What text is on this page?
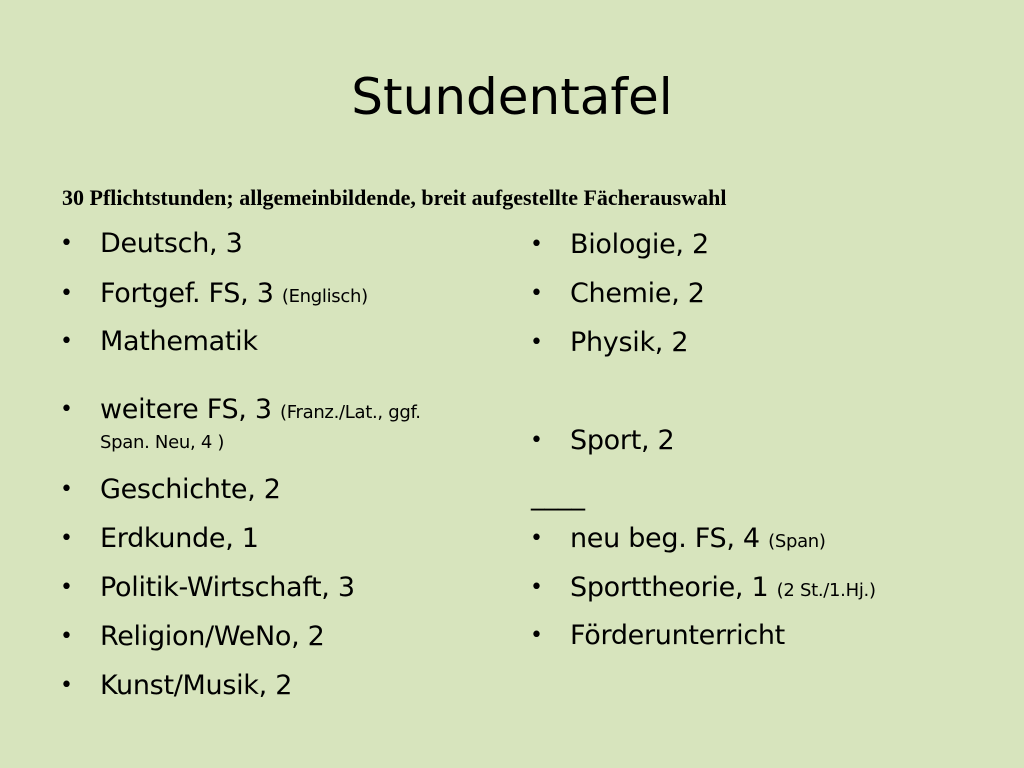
Stundentafel
30 Pflichtstunden; allgemeinbildende, breit aufgestellte Fächerauswahl
• Deutsch, 3
• Fortgef. FS, 3 (Englisch)
• Mathematik
• weitere FS, 3 (Franz./Lat., ggf.
Span. Neu, 4 )
• Geschichte, 2
• Erdkunde, 1
• Politik-Wirtschaft, 3
• Religion/WeNo, 2
• Kunst/Musik, 2
• Biologie, 2
• Chemie, 2
• Physik, 2
• Sport, 2
____
• neu beg. FS, 4 (Span)
• Sporttheorie, 1 (2 St./1.Hj.)
• Förderunterricht
